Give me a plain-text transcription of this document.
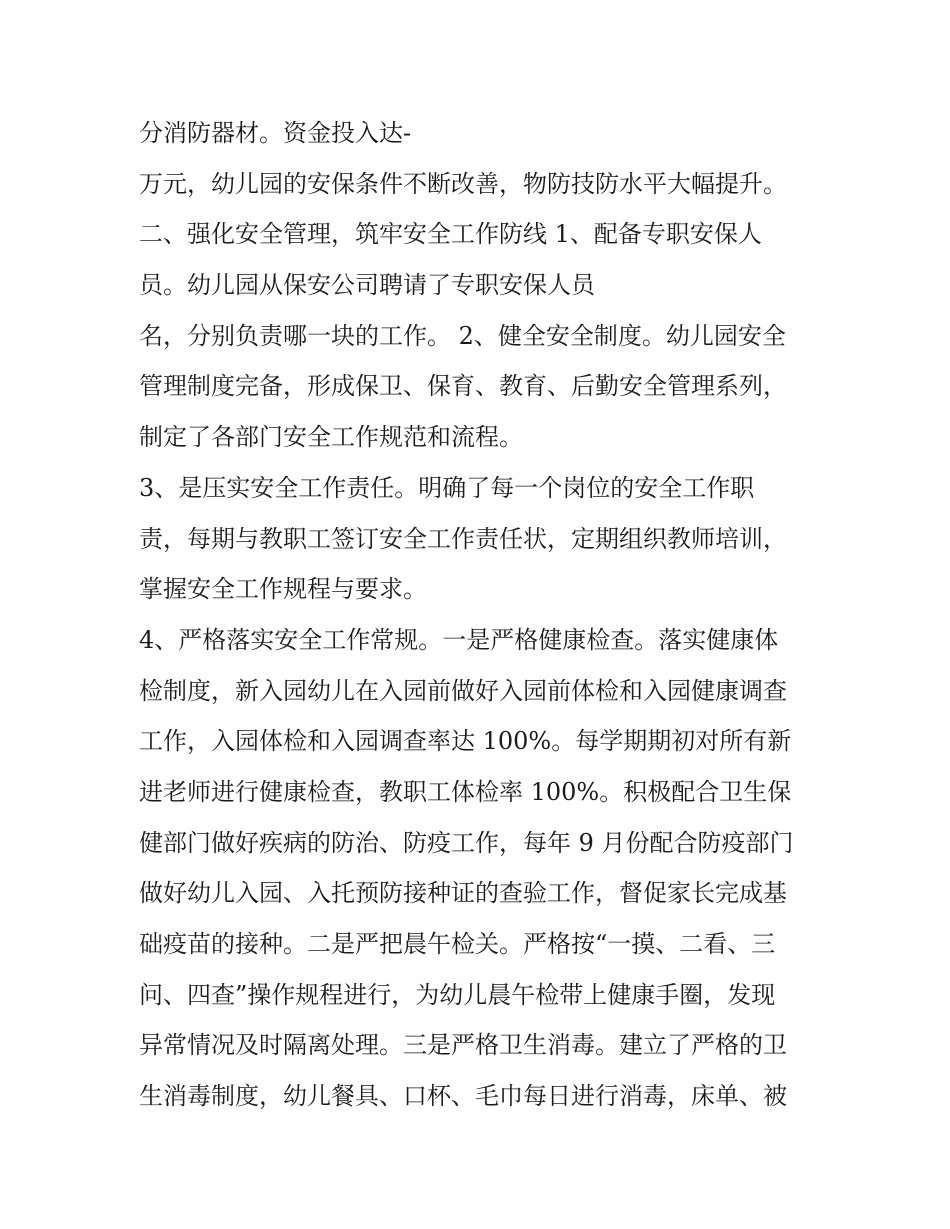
分消防器材。资金投入达-
万元，幼儿园的安保条件不断改善，物防技防水平大幅提升。
二、强化安全管理，筑牢安全工作防线 1、配备专职安保人
员。幼儿园从保安公司聘请了专职安保人员
名，分别负责哪一块的工作。 2、健全安全制度。幼儿园安全
管理制度完备，形成保卫、保育、教育、后勤安全管理系列，
制定了各部门安全工作规范和流程。
3、是压实安全工作责任。明确了每一个岗位的安全工作职
责，每期与教职工签订安全工作责任状，定期组织教师培训，
掌握安全工作规程与要求。
4、严格落实安全工作常规。一是严格健康检查。落实健康体
检制度，新入园幼儿在入园前做好入园前体检和入园健康调查
工作，入园体检和入园调查率达 100%。每学期期初对所有新
进老师进行健康检查，教职工体检率 100%。积极配合卫生保
健部门做好疾病的防治、防疫工作，每年 9 月份配合防疫部门
做好幼儿入园、入托预防接种证的查验工作，督促家长完成基
础疫苗的接种。二是严把晨午检关。严格按“一摸、二看、三
问、四查”操作规程进行，为幼儿晨午检带上健康手圈，发现
异常情况及时隔离处理。三是严格卫生消毒。建立了严格的卫
生消毒制度，幼儿餐具、口杯、毛巾每日进行消毒，床单、被
